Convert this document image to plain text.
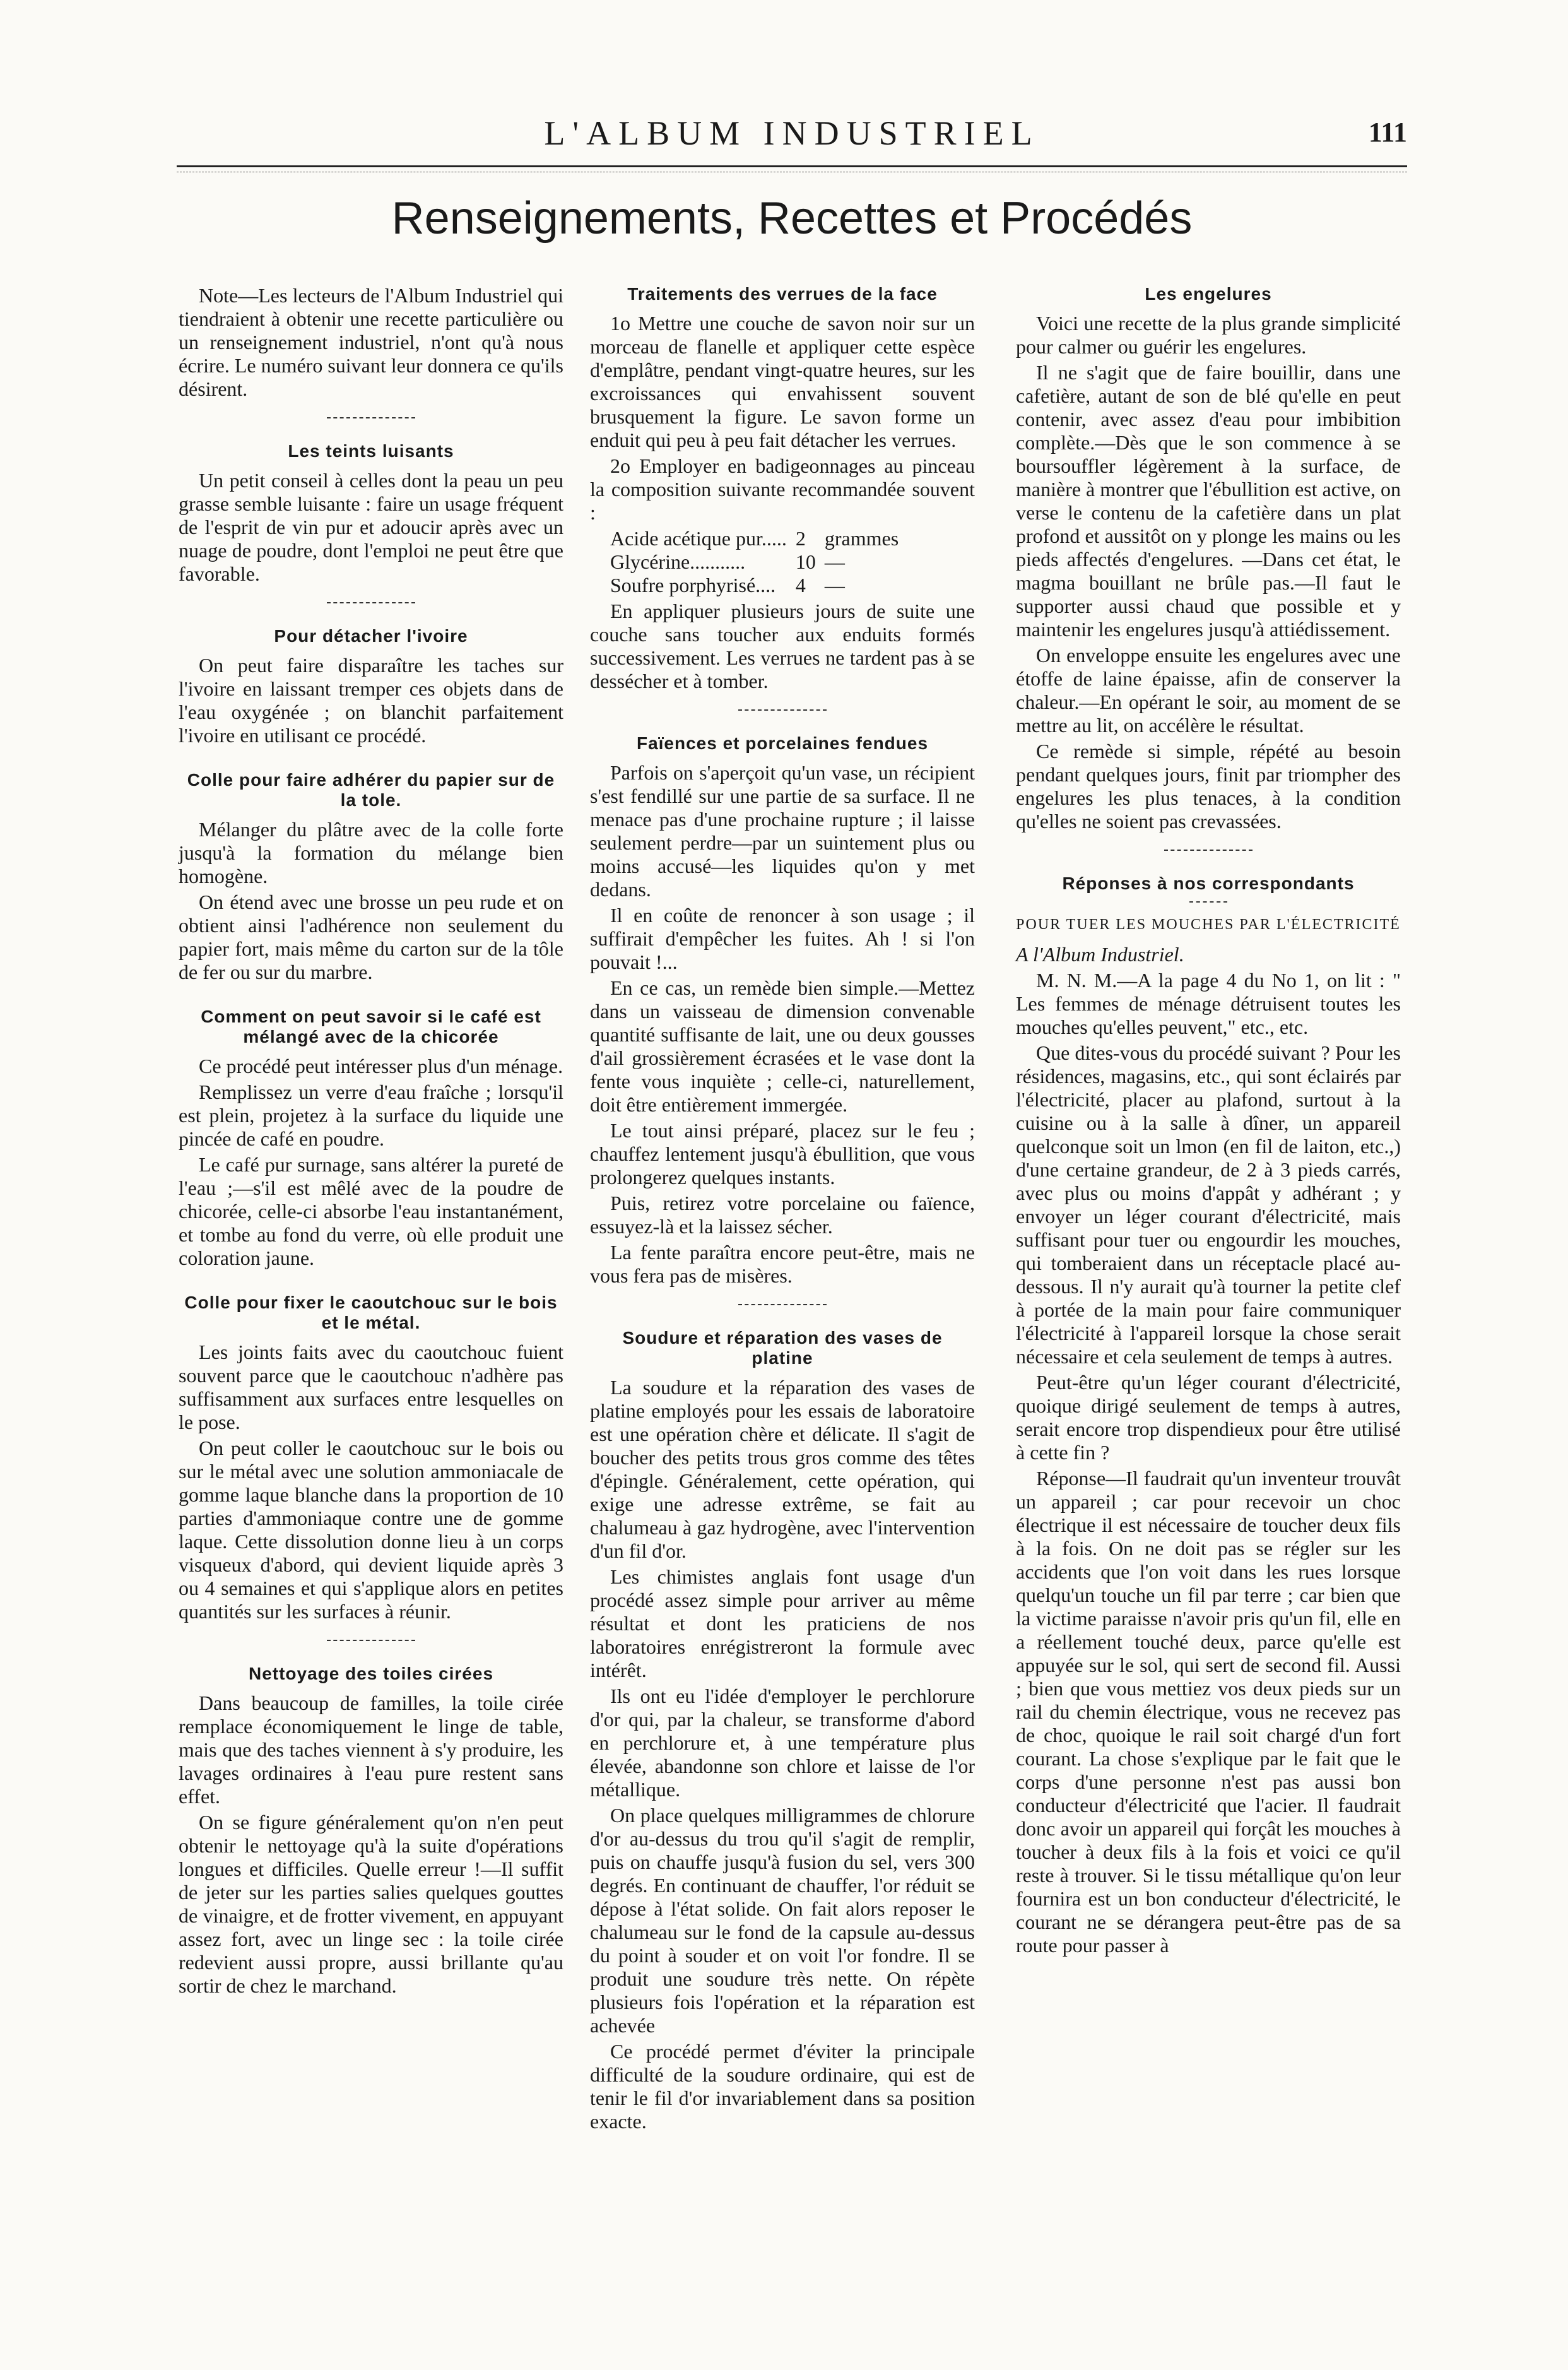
L'ALBUM INDUSTRIEL	111
Renseignements, Recettes et Procédés

Note—Les lecteurs de l'Album Industriel qui tiendraient à obtenir une recette particulière ou un renseignement industriel, n'ont qu'à nous écrire. Le numéro suivant leur donnera ce qu'ils désirent.

Les teints luisants

Un petit conseil à celles dont la peau un peu grasse semble luisante : faire un usage fréquent de l'esprit de vin pur et adoucir après avec un nuage de poudre, dont l'emploi ne peut être que favorable.

Pour détacher l'ivoire

On peut faire disparaître les taches sur l'ivoire en laissant tremper ces objets dans de l'eau oxygénée ; on blanchit parfaitement l'ivoire en utilisant ce procédé.

Colle pour faire adhérer du papier sur de la tole.

Mélanger du plâtre avec de la colle forte jusqu'à la formation du mélange bien homogène.

On étend avec une brosse un peu rude et on obtient ainsi l'adhérence non seulement du papier fort, mais même du carton sur de la tôle de fer ou sur du marbre.

Comment on peut savoir si le café est mélangé avec de la chicorée

Ce procédé peut intéresser plus d'un ménage.

Remplissez un verre d'eau fraîche ; lorsqu'il est plein, projetez à la surface du liquide une pincée de café en poudre.

Le café pur surnage, sans altérer la pureté de l'eau ;—s'il est mêlé avec de la poudre de chicorée, celle-ci absorbe l'eau instantanément, et tombe au fond du verre, où elle produit une coloration jaune.

Colle pour fixer le caoutchouc sur le bois et le métal.

Les joints faits avec du caoutchouc fuient souvent parce que le caoutchouc n'adhère pas suffisamment aux surfaces entre lesquelles on le pose.

On peut coller le caoutchouc sur le bois ou sur le métal avec une solution ammoniacale de gomme laque blanche dans la proportion de 10 parties d'ammoniaque contre une de gomme laque. Cette dissolution donne lieu à un corps visqueux d'abord, qui devient liquide après 3 ou 4 semaines et qui s'applique alors en petites quantités sur les surfaces à réunir.

Nettoyage des toiles cirées

Dans beaucoup de familles, la toile cirée remplace économiquement le linge de table, mais que des taches viennent à s'y produire, les lavages ordinaires à l'eau pure restent sans effet.

On se figure généralement qu'on n'en peut obtenir le nettoyage qu'à la suite d'opérations longues et difficiles. Quelle erreur !—Il suffit de jeter sur les parties salies quelques gouttes de vinaigre, et de frotter vivement, en appuyant assez fort, avec un linge sec : la toile cirée redevient aussi propre, aussi brillante qu'au sortir de chez le marchand.

Traitements des verrues de la face

1o Mettre une couche de savon noir sur un morceau de flanelle et appliquer cette espèce d'emplâtre, pendant vingt-quatre heures, sur les excroissances qui envahissent souvent brusquement la figure. Le savon forme un enduit qui peu à peu fait détacher les verrues.

2o Employer en badigeonnages au pinceau la composition suivante recommandée souvent :

Acide acétique pur.....	2	grammes
Glycérine...........	10	—
Soufre porphyrisé....	4	—

En appliquer plusieurs jours de suite une couche sans toucher aux enduits formés successivement. Les verrues ne tardent pas à se dessécher et à tomber.

Faïences et porcelaines fendues

Parfois on s'aperçoit qu'un vase, un récipient s'est fendillé sur une partie de sa surface. Il ne menace pas d'une prochaine rupture ; il laisse seulement perdre—par un suintement plus ou moins accusé—les liquides qu'on y met dedans.

Il en coûte de renoncer à son usage ; il suffirait d'empêcher les fuites. Ah ! si l'on pouvait !...

En ce cas, un remède bien simple.—Mettez dans un vaisseau de dimension convenable quantité suffisante de lait, une ou deux gousses d'ail grossièrement écrasées et le vase dont la fente vous inquiète ; celle-ci, naturellement, doit être entièrement immergée.

Le tout ainsi préparé, placez sur le feu ; chauffez lentement jusqu'à ébullition, que vous prolongerez quelques instants.

Puis, retirez votre porcelaine ou faïence, essuyez-là et la laissez sécher.

La fente paraîtra encore peut-être, mais ne vous fera pas de misères.

Soudure et réparation des vases de platine

La soudure et la réparation des vases de platine employés pour les essais de laboratoire est une opération chère et délicate. Il s'agit de boucher des petits trous gros comme des têtes d'épingle. Généralement, cette opération, qui exige une adresse extrême, se fait au chalumeau à gaz hydrogène, avec l'intervention d'un fil d'or.

Les chimistes anglais font usage d'un procédé assez simple pour arriver au même résultat et dont les praticiens de nos laboratoires enrégistreront la formule avec intérêt.

Ils ont eu l'idée d'employer le perchlorure d'or qui, par la chaleur, se transforme d'abord en perchlorure et, à une température plus élevée, abandonne son chlore et laisse de l'or métallique.

On place quelques milligrammes de chlorure d'or au-dessus du trou qu'il s'agit de remplir, puis on chauffe jusqu'à fusion du sel, vers 300 degrés. En continuant de chauffer, l'or réduit se dépose à l'état solide. On fait alors reposer le chalumeau sur le fond de la capsule au-dessus du point à souder et on voit l'or fondre. Il se produit une soudure très nette. On répète plusieurs fois l'opération et la réparation est achevée

Ce procédé permet d'éviter la principale difficulté de la soudure ordinaire, qui est de tenir le fil d'or invariablement dans sa position exacte.

Les engelures

Voici une recette de la plus grande simplicité pour calmer ou guérir les engelures.

Il ne s'agit que de faire bouillir, dans une cafetière, autant de son de blé qu'elle en peut contenir, avec assez d'eau pour imbibition complète.—Dès que le son commence à se boursouffler légèrement à la surface, de manière à montrer que l'ébullition est active, on verse le contenu de la cafetière dans un plat profond et aussitôt on y plonge les mains ou les pieds affectés d'engelures. —Dans cet état, le magma bouillant ne brûle pas.—Il faut le supporter aussi chaud que possible et y maintenir les engelures jusqu'à attiédissement.

On enveloppe ensuite les engelures avec une étoffe de laine épaisse, afin de conserver la chaleur.—En opérant le soir, au moment de se mettre au lit, on accélère le résultat.

Ce remède si simple, répété au besoin pendant quelques jours, finit par triompher des engelures les plus tenaces, à la condition qu'elles ne soient pas crevassées.

Réponses à nos correspondants
POUR TUER LES MOUCHES PAR L'ÉLECTRICITÉ

A l'Album Industriel.

M. N. M.—A la page 4 du No 1, on lit : " Les femmes de ménage détruisent toutes les mouches qu'elles peuvent," etc., etc.

Que dites-vous du procédé suivant ? Pour les résidences, magasins, etc., qui sont éclairés par l'électricité, placer au plafond, surtout à la cuisine ou à la salle à dîner, un appareil quelconque soit un lmon (en fil de laiton, etc.,) d'une certaine grandeur, de 2 à 3 pieds carrés, avec plus ou moins d'appât y adhérant ; y envoyer un léger courant d'électricité, mais suffisant pour tuer ou engourdir les mouches, qui tomberaient dans un réceptacle placé au-dessous. Il n'y aurait qu'à tourner la petite clef à portée de la main pour faire communiquer l'électricité à l'appareil lorsque la chose serait nécessaire et cela seulement de temps à autres.

Peut-être qu'un léger courant d'électricité, quoique dirigé seulement de temps à autres, serait encore trop dispendieux pour être utilisé à cette fin ?

Réponse—Il faudrait qu'un inventeur trouvât un appareil ; car pour recevoir un choc électrique il est nécessaire de toucher deux fils à la fois. On ne doit pas se régler sur les accidents que l'on voit dans les rues lorsque quelqu'un touche un fil par terre ; car bien que la victime paraisse n'avoir pris qu'un fil, elle en a réellement touché deux, parce qu'elle est appuyée sur le sol, qui sert de second fil. Aussi ; bien que vous mettiez vos deux pieds sur un rail du chemin électrique, vous ne recevez pas de choc, quoique le rail soit chargé d'un fort courant. La chose s'explique par le fait que le corps d'une personne n'est pas aussi bon conducteur d'électricité que l'acier. Il faudrait donc avoir un appareil qui forçât les mouches à toucher à deux fils à la fois et voici ce qu'il reste à trouver. Si le tissu métallique qu'on leur fournira est un bon conducteur d'électricité, le courant ne se dérangera peut-être pas de sa route pour passer à
